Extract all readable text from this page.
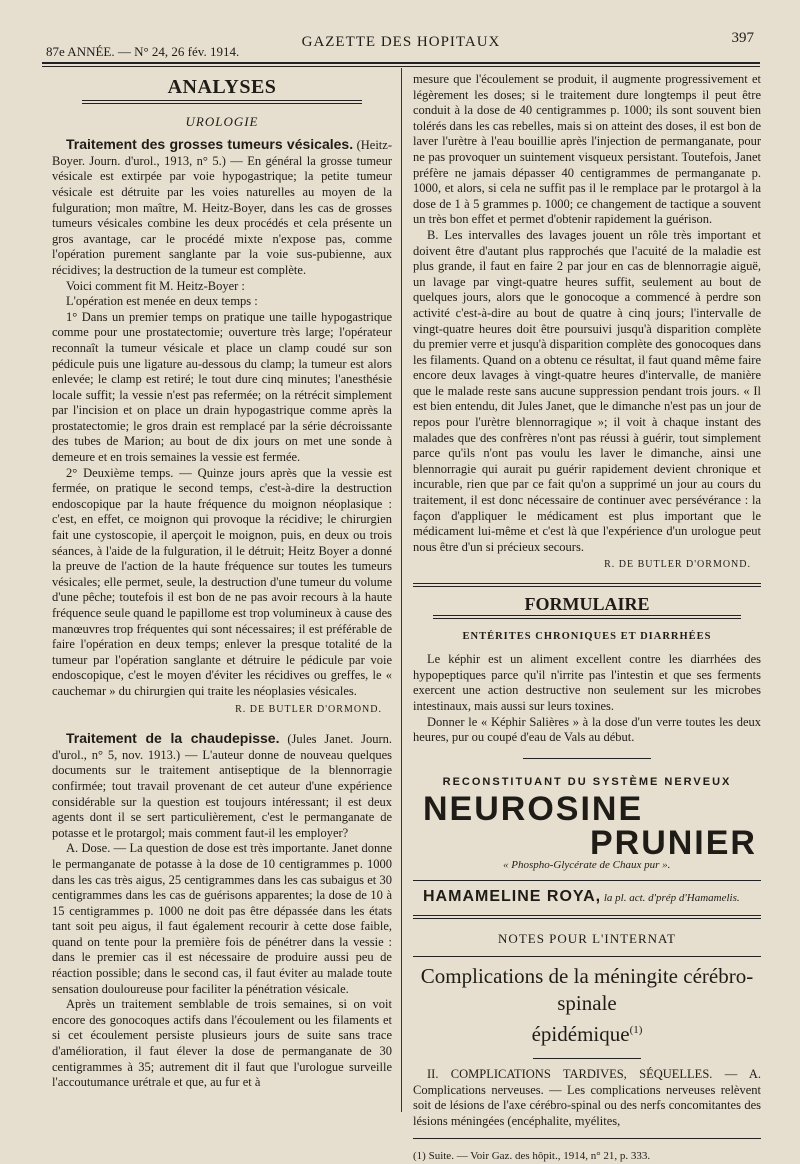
87e ANNÉE. — N° 24, 26 fév. 1914.
GAZETTE DES HOPITAUX	397
ANALYSES
UROLOGIE

Traitement des grosses tumeurs vésicales. (Heitz-Boyer. Journ. d'urol., 1913, n° 5.) — En général la grosse tumeur vésicale est extirpée par voie hypogastrique; la petite tumeur vésicale est détruite par les voies naturelles au moyen de la fulguration; mon maître, M. Heitz-Boyer, dans les cas de grosses tumeurs vésicales combine les deux procédés et cela présente un gros avantage, car le procédé mixte n'expose pas, comme l'opération purement sanglante par la voie sus-pubienne, aux récidives; la destruction de la tumeur est complète.

Voici comment fit M. Heitz-Boyer :

L'opération est menée en deux temps :

1° Dans un premier temps on pratique une taille hypogastrique comme pour une prostatectomie; ouverture très large; l'opérateur reconnaît la tumeur vésicale et place un clamp coudé sur son pédicule puis une ligature au-dessous du clamp; la tumeur est alors enlevée; le clamp est retiré; le tout dure cinq minutes; l'anesthésie locale suffit; la vessie n'est pas refermée; on la rétrécit simplement par l'incision et on place un drain hypogastrique comme après la prostatectomie; le gros drain est remplacé par la série décroissante des tubes de Marion; au bout de dix jours on met une sonde à demeure et en trois semaines la vessie est fermée.

2° Deuxième temps. — Quinze jours après que la vessie est fermée, on pratique le second temps, c'est-à-dire la destruction endoscopique par la haute fréquence du moignon néoplasique : c'est, en effet, ce moignon qui provoque la récidive; le chirurgien fait une cystoscopie, il aperçoit le moignon, puis, en deux ou trois séances, à l'aide de la fulguration, il le détruit; Heitz Boyer a donné la preuve de l'action de la haute fréquence sur toutes les tumeurs vésicales; elle permet, seule, la destruction d'une tumeur du volume d'une pêche; toutefois il est bon de ne pas avoir recours à la haute fréquence seule quand le papillome est trop volumineux à cause des manœuvres trop fréquentes qui sont nécessaires; il est préférable de faire l'opération en deux temps; enlever la presque totalité de la tumeur par l'opération sanglante et détruire le pédicule par voie endoscopique, c'est le moyen d'éviter les récidives ou greffes, le « cauchemar » du chirurgien qui traite les néoplasies vésicales.

R. DE BUTLER D'ORMOND.

Traitement de la chaudepisse. (Jules Janet. Journ. d'urol., n° 5, nov. 1913.) — L'auteur donne de nouveau quelques documents sur le traitement antiseptique de la blennorragie confirmée; tout travail provenant de cet auteur d'une expérience considérable sur la question est toujours intéressant; il est deux agents dont il se sert particulièrement, c'est le permanganate de potasse et le protargol; mais comment faut-il les employer?

A. Dose. — La question de dose est très importante. Janet donne le permanganate de potasse à la dose de 10 centigrammes p. 1000 dans les cas très aigus, 25 centigrammes dans les cas subaigus et 30 centigrammes dans les cas de guérisons apparentes; la dose de 10 à 15 centigrammes p. 1000 ne doit pas être dépassée dans les états tant soit peu aigus, il faut également recourir à cette dose faible, quand on tente pour la première fois de pénétrer dans la vessie : dans le premier cas il est nécessaire de produire aussi peu de réaction possible; dans le second cas, il faut éviter au malade toute sensation douloureuse pour faciliter la pénétration vésicale.

Après un traitement semblable de trois semaines, si on voit encore des gonocoques actifs dans l'écoulement ou les filaments et si cet écoulement persiste plusieurs jours de suite sans trace d'amélioration, il faut élever la dose de permanganate de 30 centigrammes à 35; autrement dit il faut que l'urologue surveille l'accoutumance urétrale et que, au fur et à

mesure que l'écoulement se produit, il augmente progressivement et légèrement les doses; si le traitement dure longtemps il peut être conduit à la dose de 40 centigrammes p. 1000; ils sont souvent bien tolérés dans les cas rebelles, mais si on atteint des doses, il est bon de laver l'urètre à l'eau bouillie après l'injection de permanganate, pour ne pas provoquer un suintement visqueux persistant. Toutefois, Janet préfère ne jamais dépasser 40 centigrammes de permanganate p. 1000, et alors, si cela ne suffit pas il le remplace par le protargol à la dose de 1 à 5 grammes p. 1000; ce changement de tactique a souvent un très bon effet et permet d'obtenir rapidement la guérison.

B. Les intervalles des lavages jouent un rôle très important et doivent être d'autant plus rapprochés que l'acuité de la maladie est plus grande, il faut en faire 2 par jour en cas de blennorragie aiguë, un lavage par vingt-quatre heures suffit, seulement au bout de quelques jours, alors que le gonocoque a commencé à perdre son activité c'est-à-dire au bout de quatre à cinq jours; l'intervalle de vingt-quatre heures doit être poursuivi jusqu'à disparition complète du premier verre et jusqu'à disparition complète des gonocoques dans les filaments. Quand on a obtenu ce résultat, il faut quand même faire encore deux lavages à vingt-quatre heures d'intervalle, de manière que le malade reste sans aucune suppression pendant trois jours. « Il est bien entendu, dit Jules Janet, que le dimanche n'est pas un jour de repos pour l'urètre blennorragique »; il voit à chaque instant des malades que des confrères n'ont pas réussi à guérir, tout simplement parce qu'ils n'ont pas voulu les laver le dimanche, ainsi une blennorragie qui aurait pu guérir rapidement devient chronique et incurable, rien que par ce fait qu'on a supprimé un jour au cours du traitement, il est donc nécessaire de continuer avec persévérance : la façon d'appliquer le médicament est plus important que le médicament lui-même et c'est là que l'expérience d'un urologue peut nous être d'un si précieux secours.

R. DE BUTLER D'ORMOND.
FORMULAIRE
ENTÉRITES CHRONIQUES ET DIARRHÉES

Le képhir est un aliment excellent contre les diarrhées des hypopeptiques parce qu'il n'irrite pas l'intestin et que ses ferments exercent une action destructive non seulement sur les microbes intestinaux, mais aussi sur leurs toxines.

Donner le « Képhir Salières » à la dose d'un verre toutes les deux heures, pur ou coupé d'eau de Vals au début.

RECONSTITUANT DU SYSTÈME NERVEUX
NEUROSINE
PRUNIER
« Phospho-Glycérate de Chaux pur ».
HAMAMELINE ROYA, la pl. act. d'prép d'Hamamelis.
NOTES POUR L'INTERNAT
Complications de la méningite cérébro-spinale
épidémique$^{(1)}$

II. COMPLICATIONS TARDIVES, SÉQUELLES. — A. Complications nerveuses. — Les complications nerveuses relèvent soit de lésions de l'axe cérébro-spinal ou des nerfs concomitantes des lésions méningées (encéphalite, myélites,

(1) Suite. — Voir Gaz. des hôpit., 1914, n° 21, p. 333.
